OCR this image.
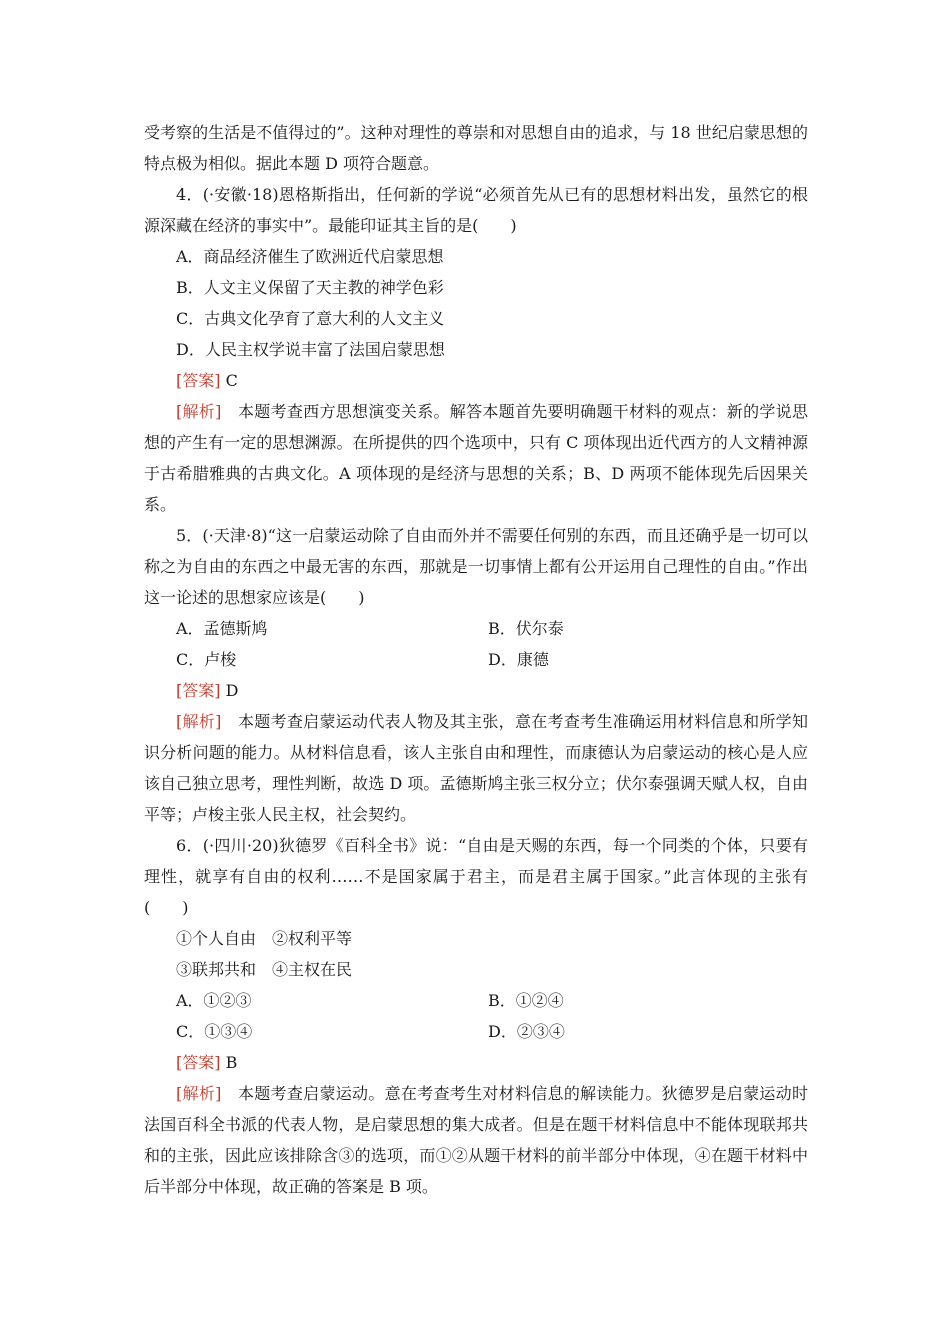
受考察的生活是不值得过的”。这种对理性的尊崇和对思想自由的追求，与 18 世纪启蒙思想的特点极为相似。据此本题 D 项符合题意。

4．(·安徽·18)恩格斯指出，任何新的学说“必须首先从已有的思想材料出发，虽然它的根源深藏在经济的事实中”。最能印证其主旨的是(　　)

A．商品经济催生了欧洲近代启蒙思想

B．人文主义保留了天主教的神学色彩

C．古典文化孕育了意大利的人文主义

D．人民主权学说丰富了法国启蒙思想

[答案] C

[解析]　 本题考查西方思想演变关系。解答本题首先要明确题干材料的观点：新的学说思想的产生有一定的思想渊源。在所提供的四个选项中，只有 C 项体现出近代西方的人文精神源于古希腊雅典的古典文化。A 项体现的是经济与思想的关系；B、D 两项不能体现先后因果关系。

5．(·天津·8)“这一启蒙运动除了自由而外并不需要任何别的东西，而且还确乎是一切可以称之为自由的东西之中最无害的东西，那就是一切事情上都有公开运用自己理性的自由。”作出这一论述的思想家应该是(　　)

A．孟德斯鸠	B．伏尔泰
C．卢梭	D．康德

[答案] D

[解析]　 本题考查启蒙运动代表人物及其主张，意在考查考生准确运用材料信息和所学知识分析问题的能力。从材料信息看，该人主张自由和理性，而康德认为启蒙运动的核心是人应该自己独立思考，理性判断，故选 D 项。孟德斯鸠主张三权分立；伏尔泰强调天赋人权，自由平等；卢梭主张人民主权，社会契约。

6．(·四川·20)狄德罗《百科全书》说：“自由是天赐的东西，每一个同类的个体，只要有理性，就享有自由的权利……不是国家属于君主，而是君主属于国家。”此言体现的主张有(　　)

①个人自由　②权利平等

③联邦共和　④主权在民

A．①②③	B．①②④
C．①③④	D．②③④

[答案] B

[解析]　 本题考查启蒙运动。意在考查考生对材料信息的解读能力。狄德罗是启蒙运动时法国百科全书派的代表人物，是启蒙思想的集大成者。但是在题干材料信息中不能体现联邦共和的主张，因此应该排除含③的选项，而①②从题干材料的前半部分中体现，④在题干材料中后半部分中体现，故正确的答案是 B 项。
